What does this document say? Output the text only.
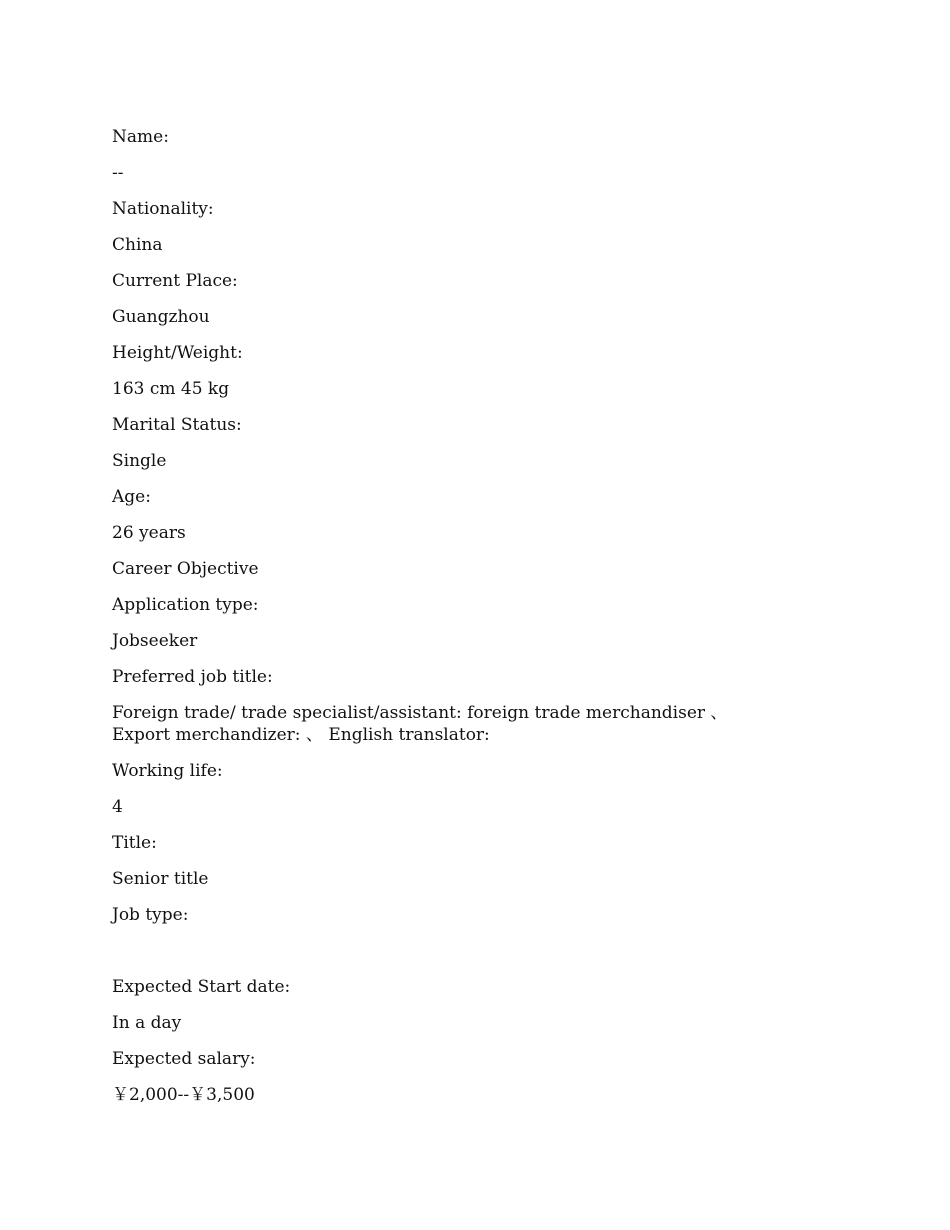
Name:
--
Nationality:
China
Current Place:
Guangzhou
Height/Weight:
163 cm 45 kg
Marital Status:
Single
Age:
26 years
Career Objective
Application type:
Jobseeker
Preferred job title:
Foreign trade/ trade specialist/assistant: foreign trade merchandiser 、 Export merchandizer: 、 English translator:
Working life:
4
Title:
Senior title
Job type:
Expected Start date:
In a day
Expected salary:
￥2,000--￥3,500
